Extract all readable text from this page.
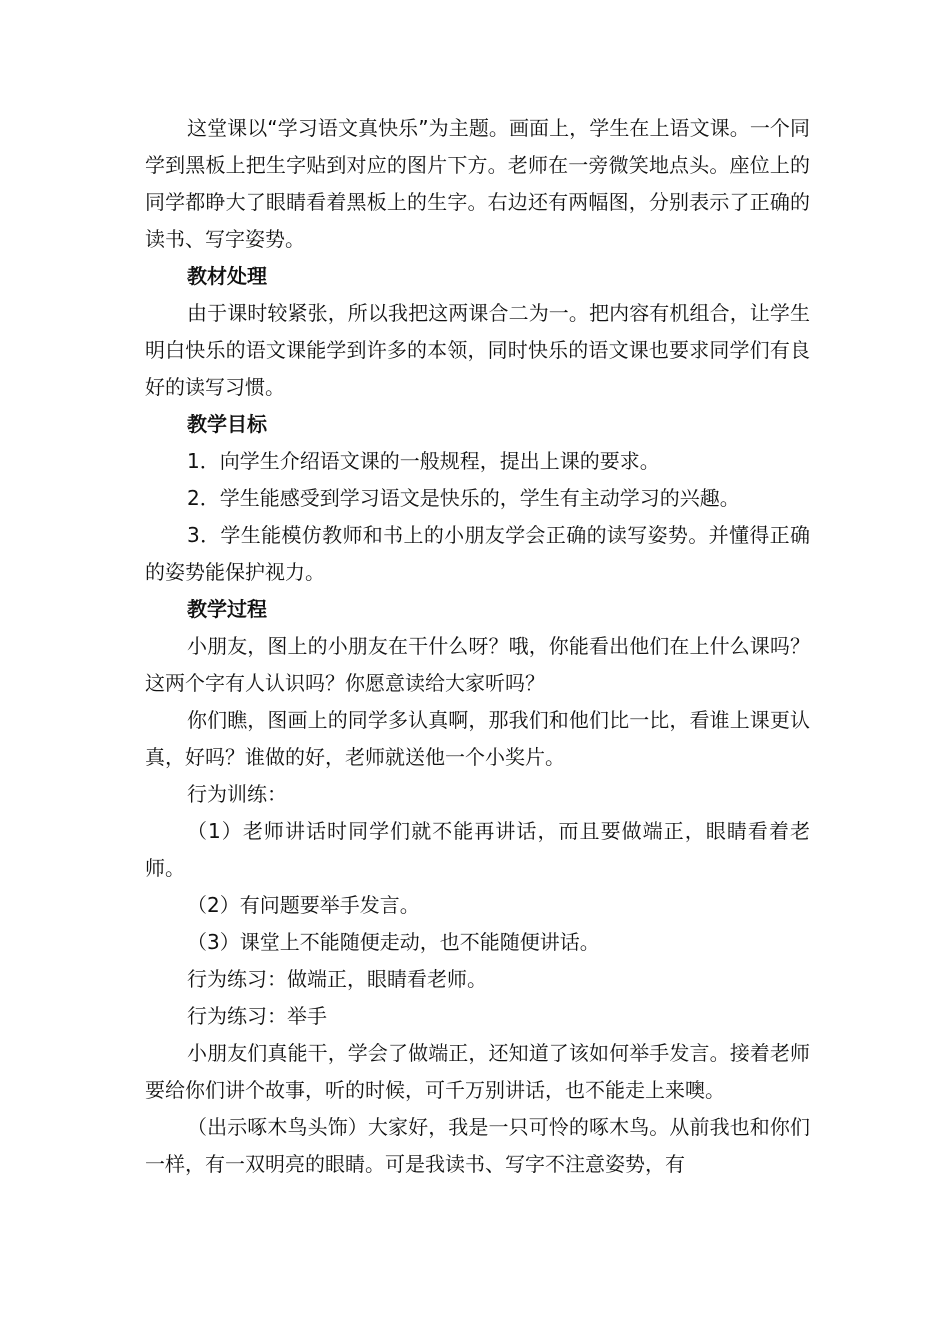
这堂课以“学习语文真快乐”为主题。画面上，学生在上语文课。一个同学到黑板上把生字贴到对应的图片下方。老师在一旁微笑地点头。座位上的同学都睁大了眼睛看着黑板上的生字。右边还有两幅图，分别表示了正确的读书、写字姿势。

教材处理

由于课时较紧张，所以我把这两课合二为一。把内容有机组合，让学生明白快乐的语文课能学到许多的本领，同时快乐的语文课也要求同学们有良好的读写习惯。

教学目标

1．向学生介绍语文课的一般规程，提出上课的要求。

2．学生能感受到学习语文是快乐的，学生有主动学习的兴趣。

3．学生能模仿教师和书上的小朋友学会正确的读写姿势。并懂得正确的姿势能保护视力。

教学过程

小朋友，图上的小朋友在干什么呀？哦，你能看出他们在上什么课吗？这两个字有人认识吗？你愿意读给大家听吗？

你们瞧，图画上的同学多认真啊，那我们和他们比一比，看谁上课更认真，好吗？谁做的好，老师就送他一个小奖片。

行为训练：

（1）老师讲话时同学们就不能再讲话，而且要做端正，眼睛看着老师。

（2）有问题要举手发言。

（3）课堂上不能随便走动，也不能随便讲话。

行为练习：做端正，眼睛看老师。

行为练习：举手

小朋友们真能干，学会了做端正，还知道了该如何举手发言。接着老师要给你们讲个故事，听的时候，可千万别讲话，也不能走上来噢。

（出示啄木鸟头饰）大家好，我是一只可怜的啄木鸟。从前我也和你们一样，有一双明亮的眼睛。可是我读书、写字不注意姿势，有
